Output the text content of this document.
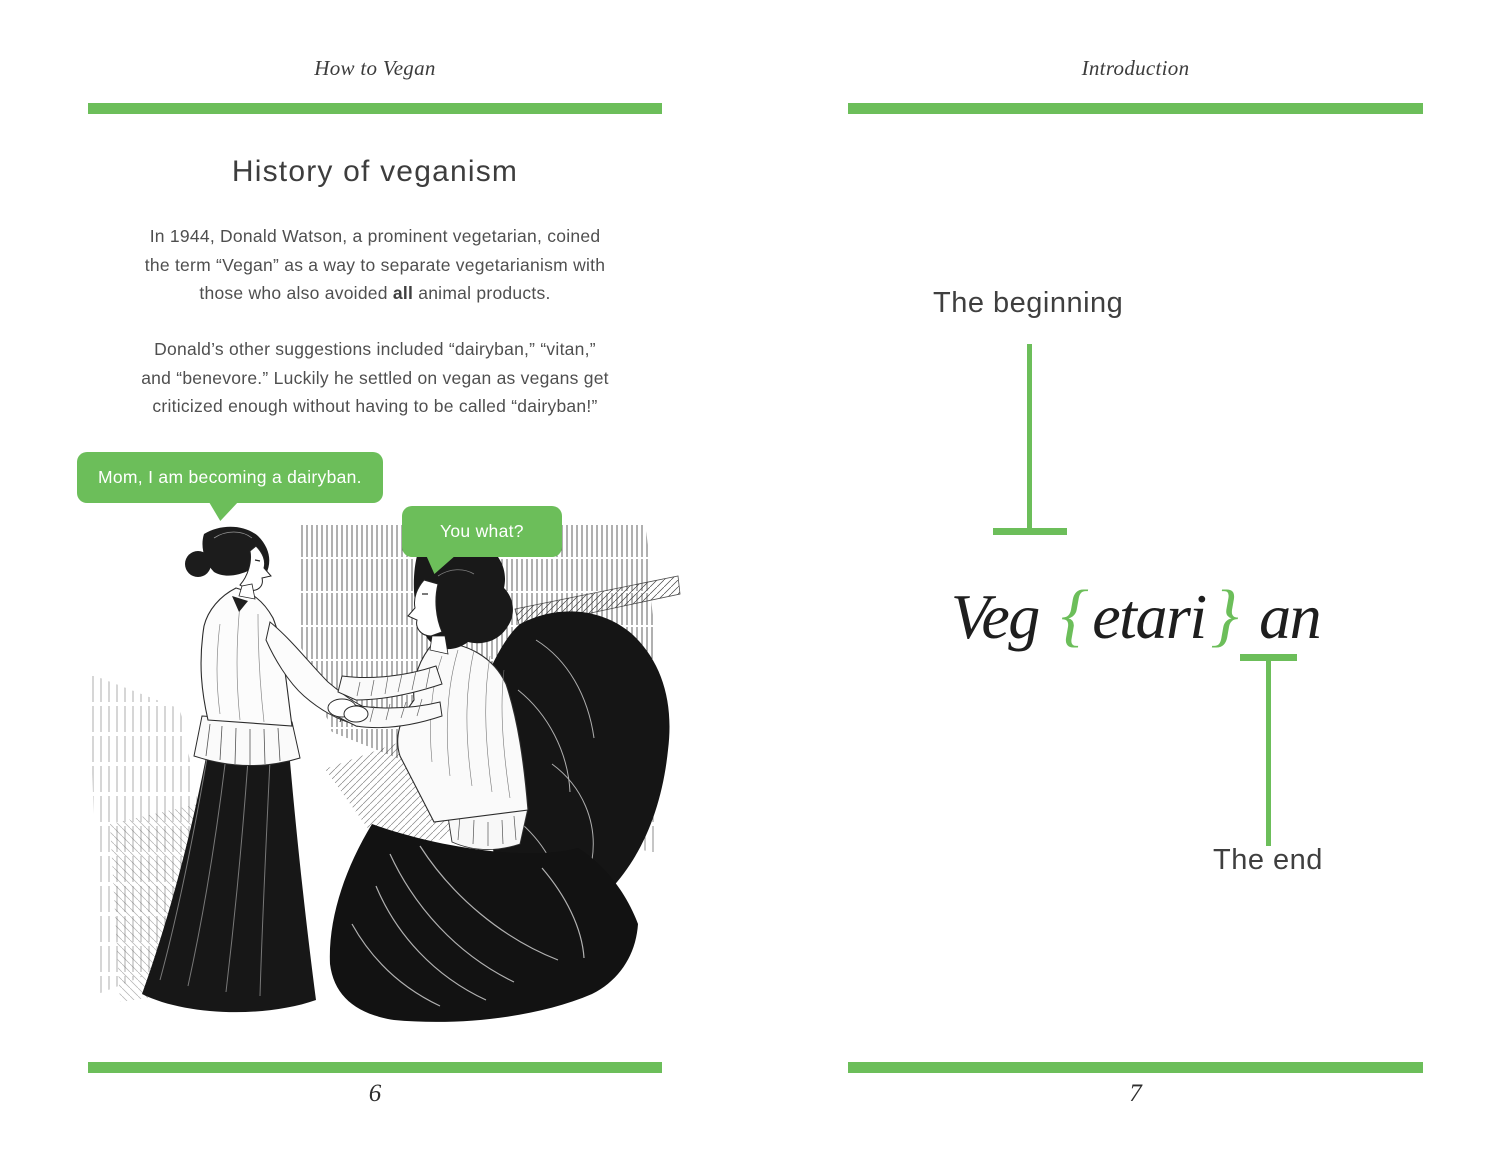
How to Vegan
History of veganism
In 1944, Donald Watson, a prominent vegetarian, coined
the term “Vegan” as a way to separate vegetarianism with
those who also avoided all animal products.
Donald’s other suggestions included “dairyban,” “vitan,”
and “benevore.” Luckily he settled on vegan as vegans get
criticized enough without having to be called “dairyban!”
Mom, I am becoming a dairyban.
You what?
6
Introduction
The beginning
Veg {etari} an
The end
7
